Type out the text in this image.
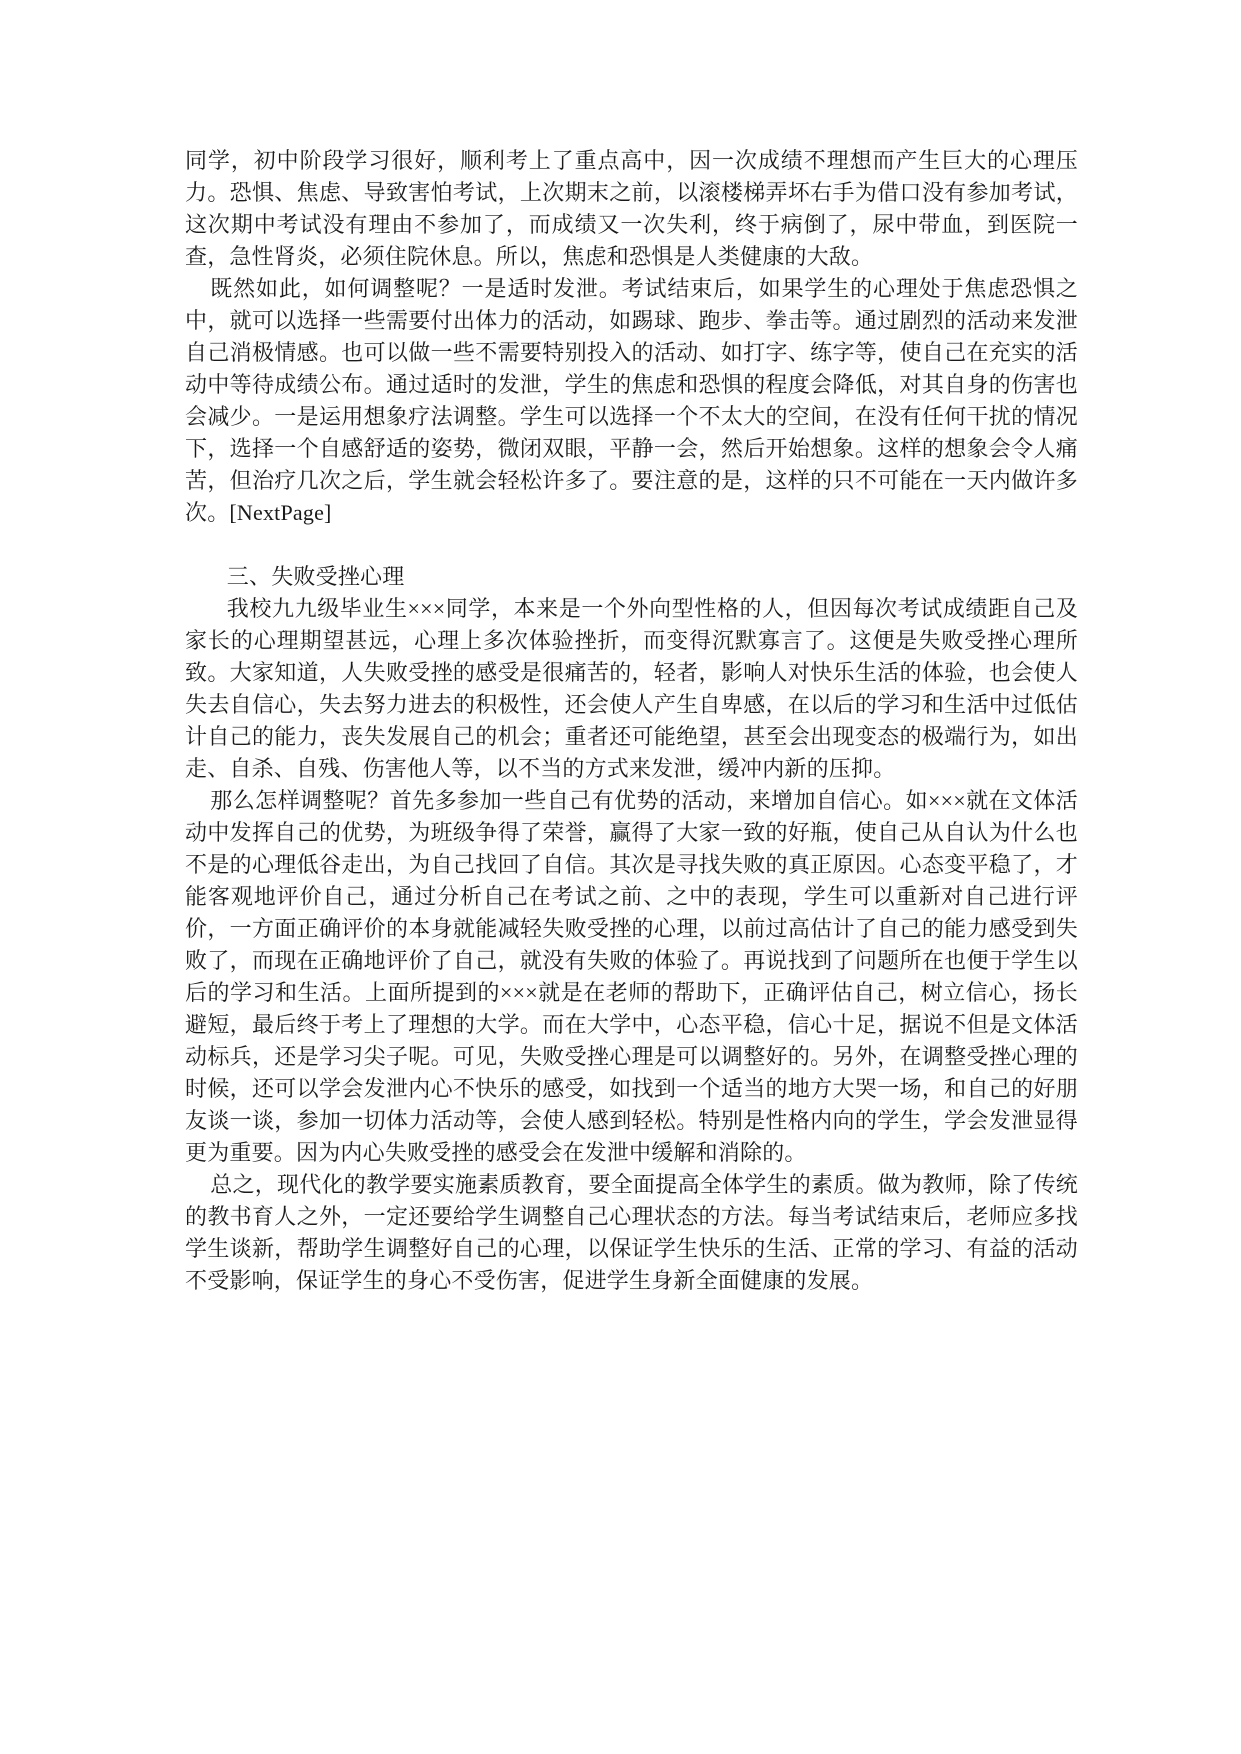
同学，初中阶段学习很好，顺利考上了重点高中，因一次成绩不理想而产生巨大的心理压力。恐惧、焦虑、导致害怕考试，上次期末之前，以滚楼梯弄坏右手为借口没有参加考试，这次期中考试没有理由不参加了，而成绩又一次失利，终于病倒了，尿中带血，到医院一查，急性肾炎，必须住院休息。所以，焦虑和恐惧是人类健康的大敌。

既然如此，如何调整呢？一是适时发泄。考试结束后，如果学生的心理处于焦虑恐惧之中，就可以选择一些需要付出体力的活动，如踢球、跑步、拳击等。通过剧烈的活动来发泄自己消极情感。也可以做一些不需要特别投入的活动、如打字、练字等，使自己在充实的活动中等待成绩公布。通过适时的发泄，学生的焦虑和恐惧的程度会降低，对其自身的伤害也会减少。一是运用想象疗法调整。学生可以选择一个不太大的空间，在没有任何干扰的情况下，选择一个自感舒适的姿势，微闭双眼，平静一会，然后开始想象。这样的想象会令人痛苦，但治疗几次之后，学生就会轻松许多了。要注意的是，这样的只不可能在一天内做许多次。[NextPage]

三、失败受挫心理

我校九九级毕业生×××同学，本来是一个外向型性格的人，但因每次考试成绩距自己及家长的心理期望甚远，心理上多次体验挫折，而变得沉默寡言了。这便是失败受挫心理所致。大家知道，人失败受挫的感受是很痛苦的，轻者，影响人对快乐生活的体验，也会使人失去自信心，失去努力进去的积极性，还会使人产生自卑感，在以后的学习和生活中过低估计自己的能力，丧失发展自己的机会；重者还可能绝望，甚至会出现变态的极端行为，如出走、自杀、自残、伤害他人等，以不当的方式来发泄，缓冲内新的压抑。

那么怎样调整呢？首先多参加一些自己有优势的活动，来增加自信心。如×××就在文体活动中发挥自己的优势，为班级争得了荣誉，赢得了大家一致的好瓶，使自己从自认为什么也不是的心理低谷走出，为自己找回了自信。其次是寻找失败的真正原因。心态变平稳了，才能客观地评价自己，通过分析自己在考试之前、之中的表现，学生可以重新对自己进行评价，一方面正确评价的本身就能减轻失败受挫的心理，以前过高估计了自己的能力感受到失败了，而现在正确地评价了自己，就没有失败的体验了。再说找到了问题所在也便于学生以后的学习和生活。上面所提到的×××就是在老师的帮助下，正确评估自己，树立信心，扬长避短，最后终于考上了理想的大学。而在大学中，心态平稳，信心十足，据说不但是文体活动标兵，还是学习尖子呢。可见，失败受挫心理是可以调整好的。另外，在调整受挫心理的时候，还可以学会发泄内心不快乐的感受，如找到一个适当的地方大哭一场，和自己的好朋友谈一谈，参加一切体力活动等，会使人感到轻松。特别是性格内向的学生，学会发泄显得更为重要。因为内心失败受挫的感受会在发泄中缓解和消除的。

总之，现代化的教学要实施素质教育，要全面提高全体学生的素质。做为教师，除了传统的教书育人之外，一定还要给学生调整自己心理状态的方法。每当考试结束后，老师应多找学生谈新，帮助学生调整好自己的心理，以保证学生快乐的生活、正常的学习、有益的活动不受影响，保证学生的身心不受伤害，促进学生身新全面健康的发展。
